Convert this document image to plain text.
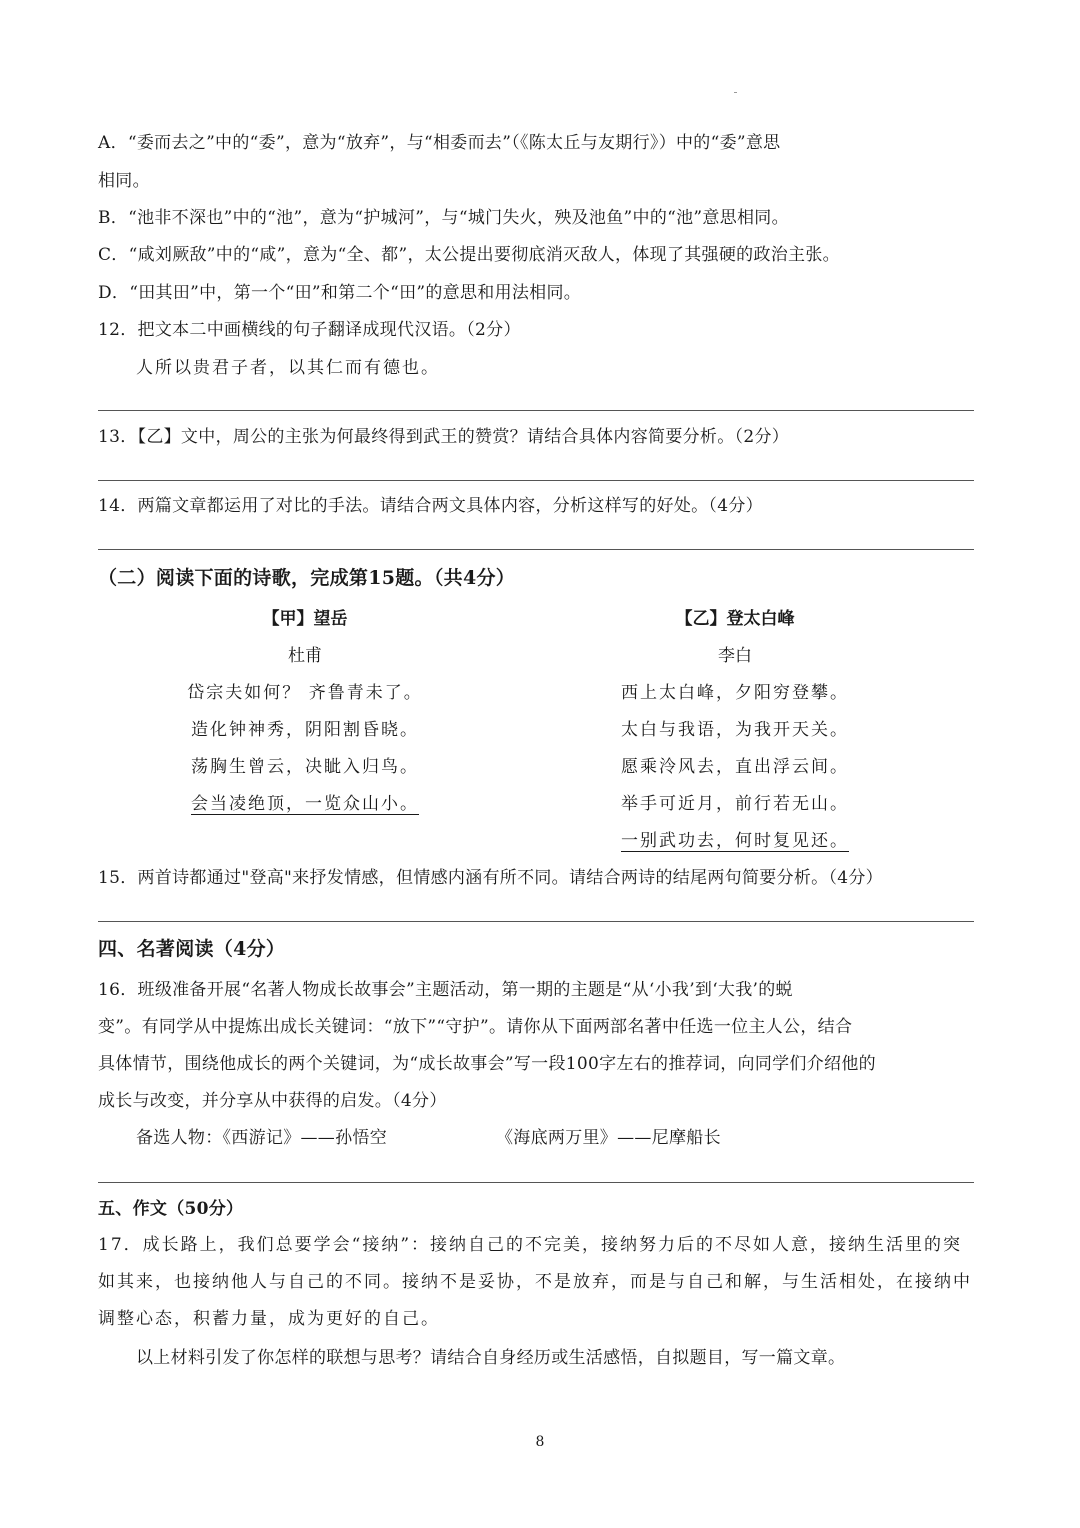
A．“委而去之”中的“委”，意为“放弃”，与“相委而去”（《陈太丘与友期行》）中的“委”意思
相同。
B．“池非不深也”中的“池”，意为“护城河”，与“城门失火，殃及池鱼”中的“池”意思相同。
C．“咸刘厥敌”中的“咸”，意为“全、都”，太公提出要彻底消灭敌人，体现了其强硬的政治主张。
D．“田其田”中，第一个“田”和第二个“田”的意思和用法相同。
12．把文本二中画横线的句子翻译成现代汉语。（2分）
人所以贵君子者，以其仁而有德也。
13．【乙】文中，周公的主张为何最终得到武王的赞赏？请结合具体内容简要分析。（2分）
14．两篇文章都运用了对比的手法。请结合两文具体内容，分析这样写的好处。（4分）
（二）阅读下面的诗歌，完成第15题。（共4分）
【甲】望岳
杜甫
岱宗夫如何？ 齐鲁青未了。
造化钟神秀，阴阳割昏晓。
荡胸生曾云，决眦入归鸟。
会当凌绝顶，一览众山小。
【乙】登太白峰
李白
西上太白峰，夕阳穷登攀。
太白与我语，为我开天关。
愿乘泠风去，直出浮云间。
举手可近月，前行若无山。
一别武功去，何时复见还。
15．两首诗都通过"登高"来抒发情感，但情感内涵有所不同。请结合两诗的结尾两句简要分析。（4分）
四、名著阅读（4分）
16．班级准备开展“名著人物成长故事会”主题活动，第一期的主题是“从‘小我’到‘大我’的蜕
变”。有同学从中提炼出成长关键词：“放下”“守护”。请你从下面两部名著中任选一位主人公，结合
具体情节，围绕他成长的两个关键词，为“成长故事会”写一段100字左右的推荐词，向同学们介绍他的
成长与改变，并分享从中获得的启发。（4分）
备选人物：《西游记》——孙悟空	《海底两万里》——尼摩船长
五、作文（50分）
17．成长路上，我们总要学会“接纳”：接纳自己的不完美，接纳努力后的不尽如人意，接纳生活里的突
如其来，也接纳他人与自己的不同。接纳不是妥协，不是放弃，而是与自己和解，与生活相处，在接纳中
调整心态，积蓄力量，成为更好的自己。
以上材料引发了你怎样的联想与思考？请结合自身经历或生活感悟，自拟题目，写一篇文章。
8
